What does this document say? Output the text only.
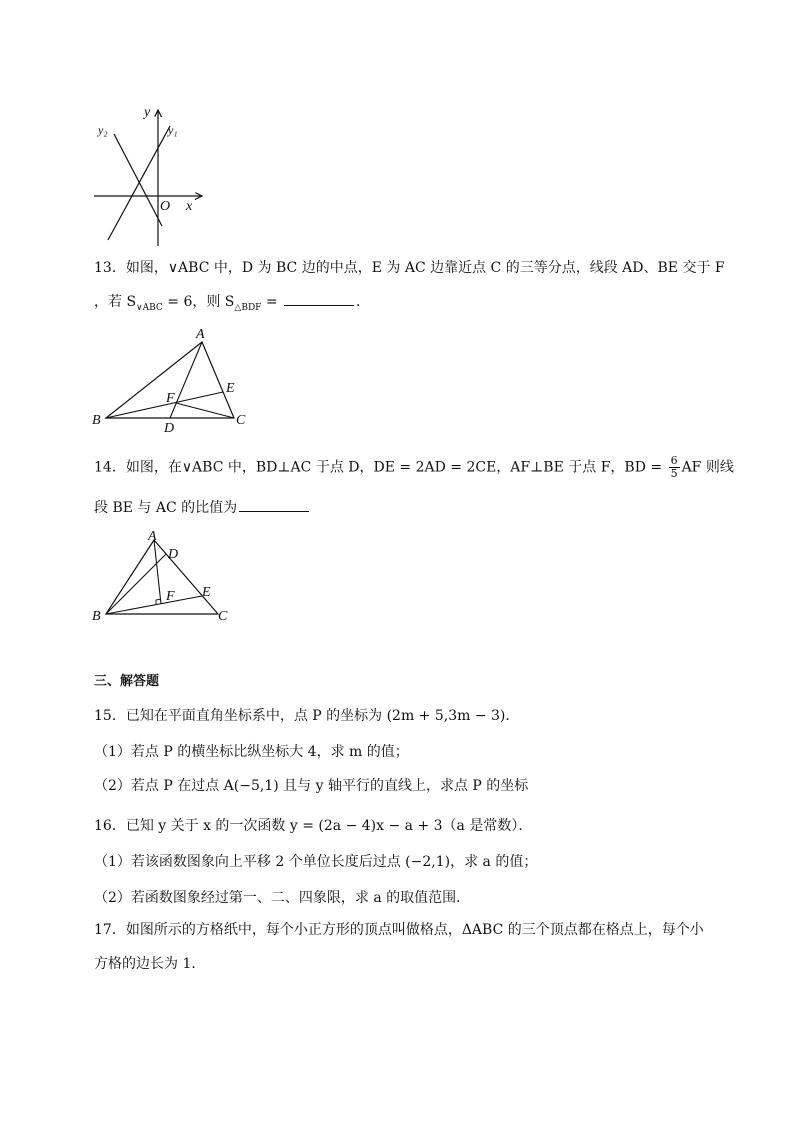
y
x
O
y₁
y₂
13．如图，∨ABC 中，D 为 BC 边的中点，E 为 AC 边靠近点 C 的三等分点，线段 AD、BE 交于 F
，若 $S_{\vee ABC} = 6$，则 $S_{\triangle BDF}$ =	．
A
B	C
D
E
F
14．如图，在∨ABC 中，BD⊥AC 于点 D，DE = 2AD = 2CE，AF⊥BE 于点 F，BD = $\frac{6}{5}$ AF 则线
段 BE 与 AC 的比值为
A
B	C
D
E
F
三、解答题
15．已知在平面直角坐标系中，点 P 的坐标为 (2m + 5,3m − 3)．
（1）若点 P 的横坐标比纵坐标大 4，求 m 的值；
（2）若点 P 在过点 A(−5,1) 且与 y 轴平行的直线上，求点 P 的坐标
16．已知 y 关于 x 的一次函数 y = (2a − 4)x − a + 3（a 是常数）．
（1）若该函数图象向上平移 2 个单位长度后过点 (−2,1)，求 a 的值；
（2）若函数图象经过第一、二、四象限，求 a 的取值范围．
17．如图所示的方格纸中，每个小正方形的顶点叫做格点，ΔABC 的三个顶点都在格点上，每个小
方格的边长为 1．
